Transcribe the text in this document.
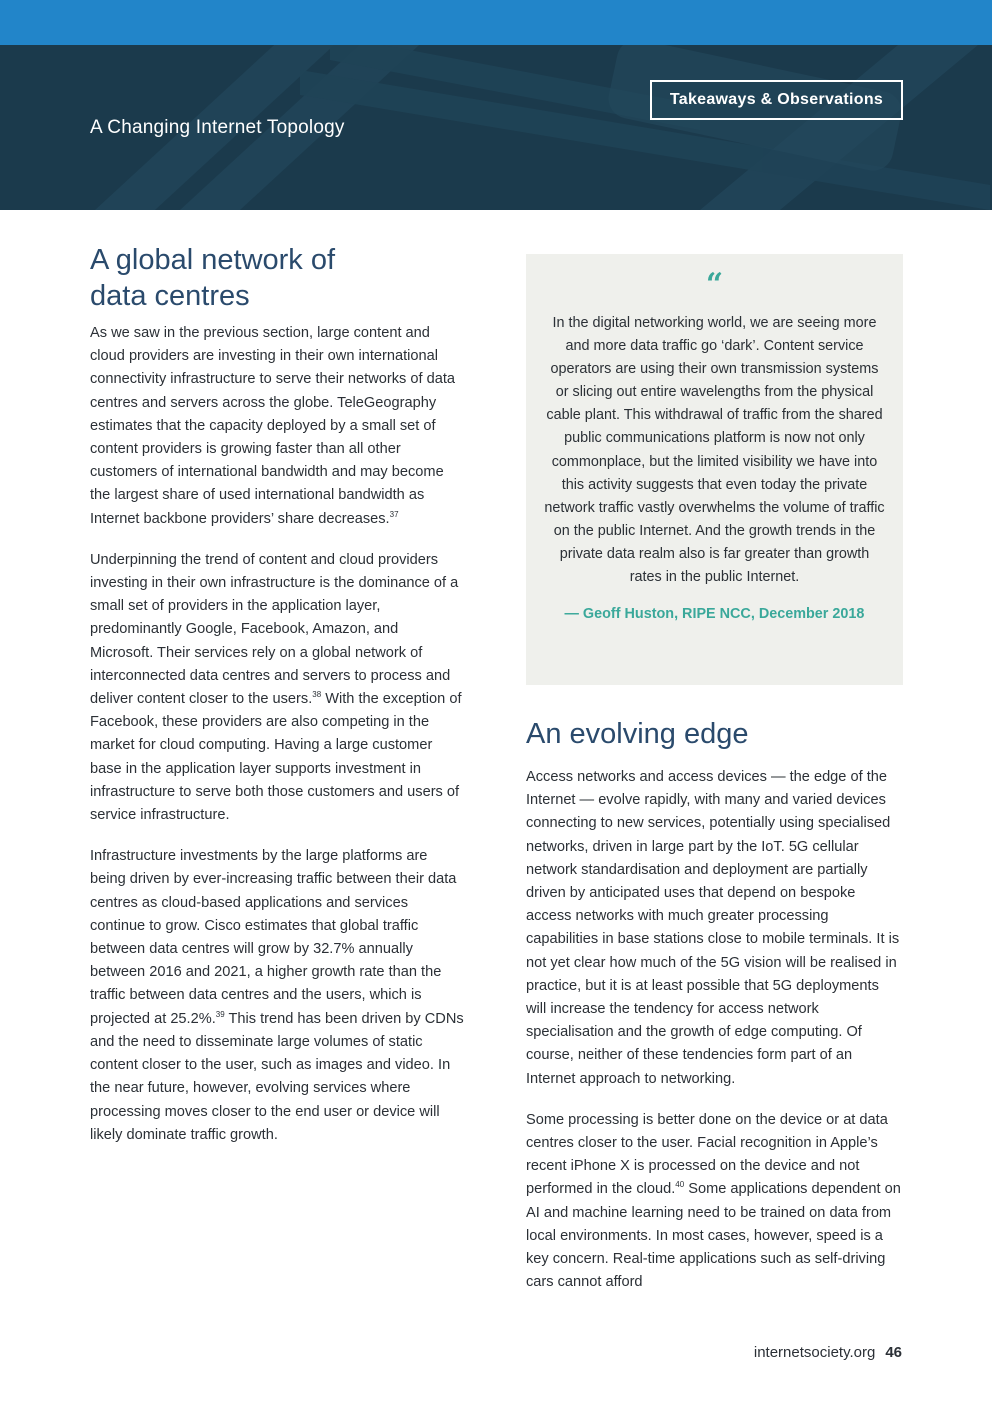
A Changing Internet Topology
Takeaways & Observations
A global network of
data centres

As we saw in the previous section, large content and cloud providers are investing in their own international connectivity infrastructure to serve their networks of data centres and servers across the globe. TeleGeography estimates that the capacity deployed by a small set of content providers is growing faster than all other customers of international bandwidth and may become the largest share of used international bandwidth as Internet backbone providers’ share decreases.$^{37}$

Underpinning the trend of content and cloud providers investing in their own infrastructure is the dominance of a small set of providers in the application layer, predominantly Google, Facebook, Amazon, and Microsoft. Their services rely on a global network of interconnected data centres and servers to process and deliver content closer to the users.$^{38}$ With the exception of Facebook, these providers are also competing in the market for cloud computing. Having a large customer base in the application layer supports investment in infrastructure to serve both those customers and users of service infrastructure.

Infrastructure investments by the large platforms are being driven by ever-increasing traffic between their data centres as cloud-based applications and services continue to grow. Cisco estimates that global traffic between data centres will grow by 32.7% annually between 2016 and 2021, a higher growth rate than the traffic between data centres and the users, which is projected at 25.2%.$^{39}$ This trend has been driven by CDNs and the need to disseminate large volumes of static content closer to the user, such as images and video. In the near future, however, evolving services where processing moves closer to the end user or device will likely dominate traffic growth.

“
In the digital networking world, we are seeing more and more data traffic go ‘dark’. Content service operators are using their own transmission systems or slicing out entire wavelengths from the physical cable plant. This withdrawal of traffic from the shared public communications platform is now not only commonplace, but the limited visibility we have into this activity suggests that even today the private network traffic vastly overwhelms the volume of traffic on the public Internet. And the growth trends in the private data realm also is far greater than growth rates in the public Internet.
— Geoff Huston, RIPE NCC, December 2018
An evolving edge

Access networks and access devices — the edge of the Internet — evolve rapidly, with many and varied devices connecting to new services, potentially using specialised networks, driven in large part by the IoT. 5G cellular network standardisation and deployment are partially driven by anticipated uses that depend on bespoke access networks with much greater processing capabilities in base stations close to mobile terminals. It is not yet clear how much of the 5G vision will be realised in practice, but it is at least possible that 5G deployments will increase the tendency for access network specialisation and the growth of edge computing. Of course, neither of these tendencies form part of an Internet approach to networking.

Some processing is better done on the device or at data centres closer to the user. Facial recognition in Apple’s recent iPhone X is processed on the device and not performed in the cloud.$^{40}$ Some applications dependent on AI and machine learning need to be trained on data from local environments. In most cases, however, speed is a key concern. Real-time applications such as self-driving cars cannot afford

internetsociety.org 46
